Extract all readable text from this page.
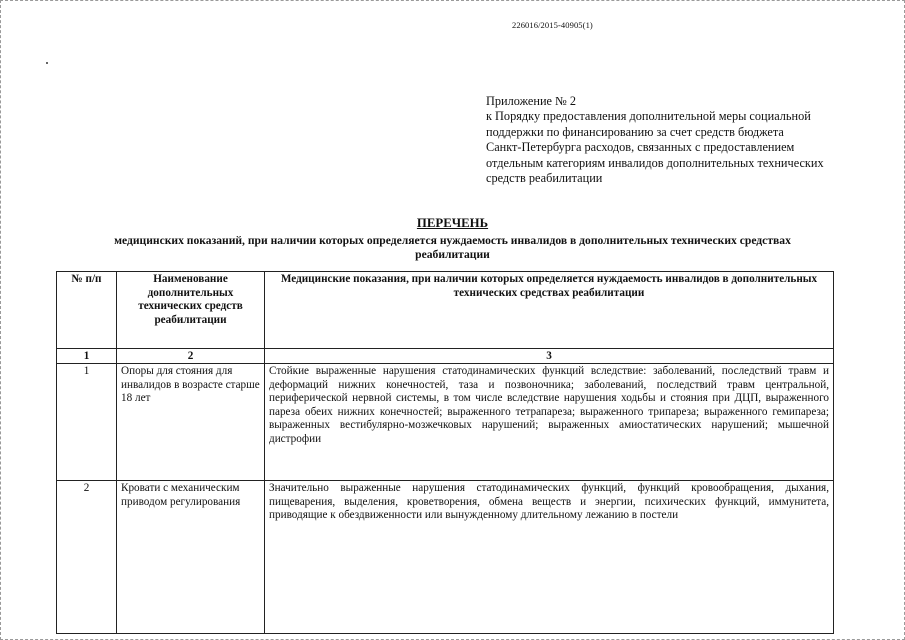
226016/2015-40905(1)
Приложение № 2
к Порядку предоставления дополнительной меры социальной
поддержки по финансированию за счет средств бюджета
Санкт-Петербурга расходов, связанных с предоставлением
отдельным категориям инвалидов дополнительных технических
средств реабилитации
ПЕРЕЧЕНЬ
медицинских показаний, при наличии которых определяется нуждаемость инвалидов в дополнительных технических средствах
реабилитации
№ п/п	Наименование дополнительных технических средств реабилитации	Медицинские показания, при наличии которых определяется нуждаемость инвалидов в дополнительных технических средствах реабилитации
1	2	3
1	Опоры для стояния для инвалидов в возрасте старше 18 лет	Стойкие выраженные нарушения статодинамических функций вследствие: заболеваний, последствий травм и деформаций нижних конечностей, таза и позвоночника; заболеваний, последствий травм центральной, периферической нервной системы, в том числе вследствие нарушения ходьбы и стояния при ДЦП, выраженного пареза обеих нижних конечностей; выраженного тетрапареза; выраженного трипареза; выраженного гемипареза; выраженных вестибулярно-мозжечковых нарушений; выраженных амиостатических нарушений; мышечной дистрофии
2	Кровати с механическим приводом регулирования	Значительно выраженные нарушения статодинамических функций, функций кровообращения, дыхания, пищеварения, выделения, кроветворения, обмена веществ и энергии, психических функций, иммунитета, приводящие к обездвиженности или вынужденному длительному лежанию в постели
